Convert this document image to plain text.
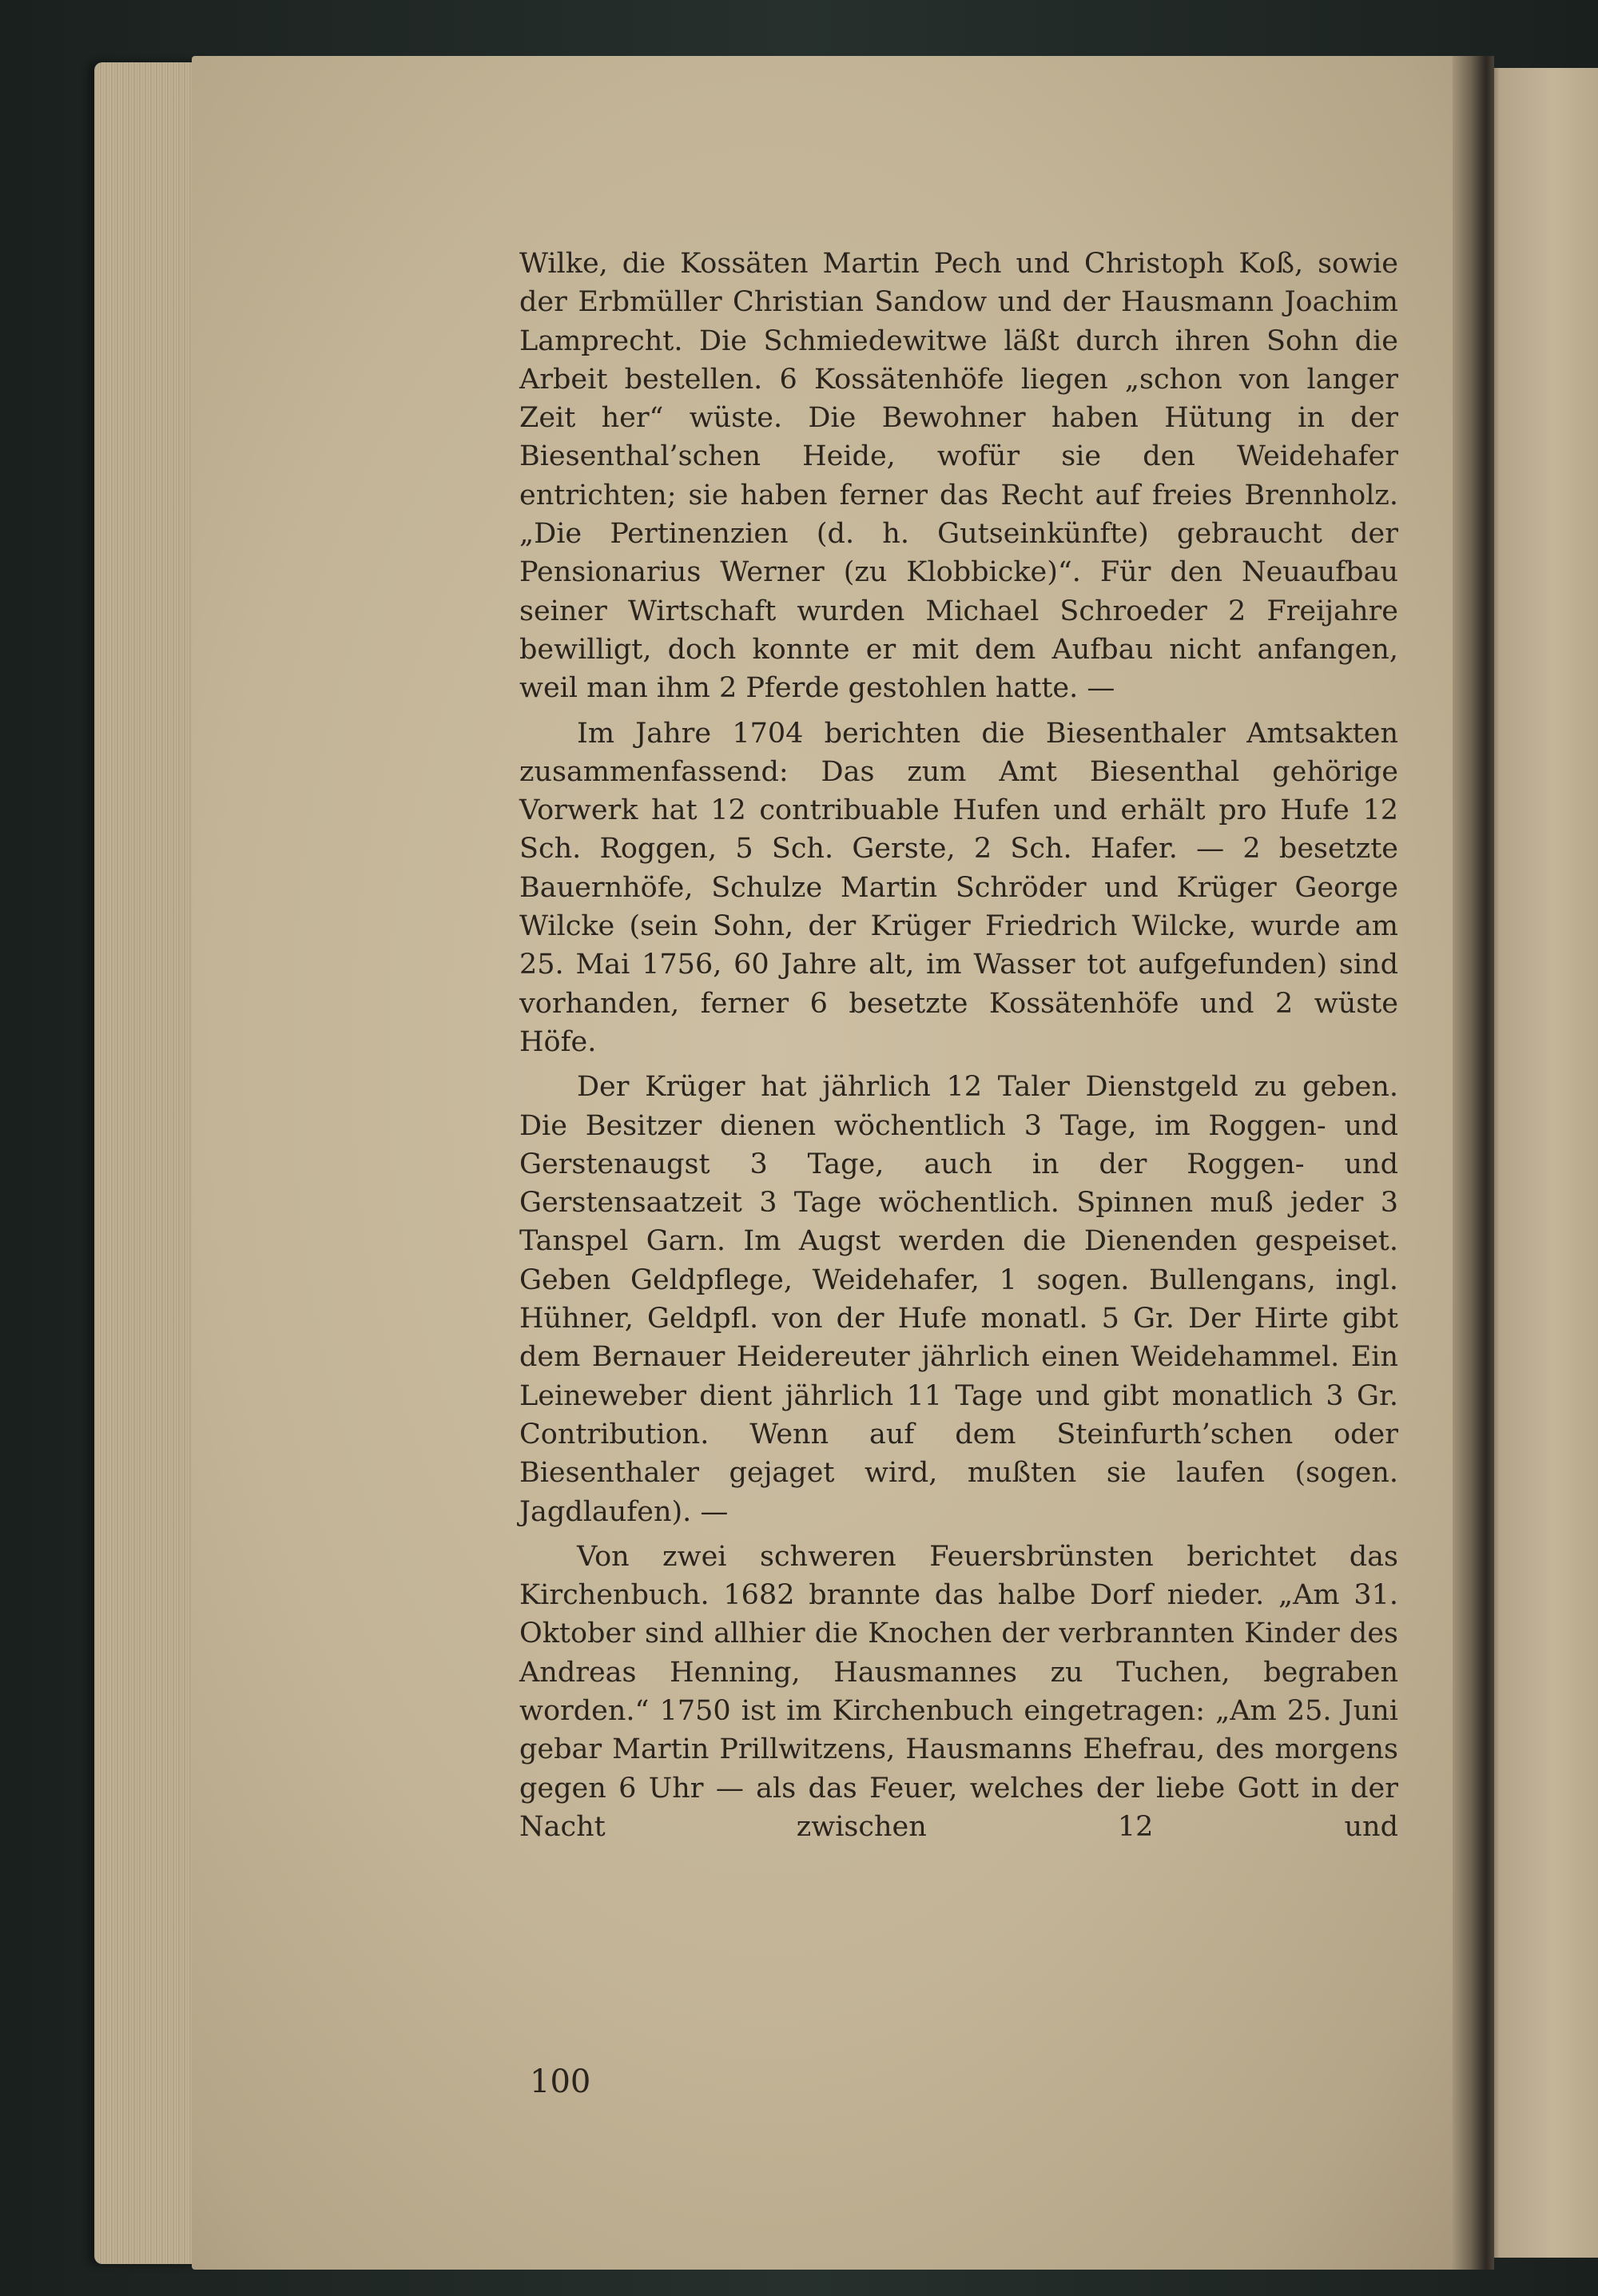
Wilke, die Kossäten Martin Pech und Christoph Koß, sowie der Erbmüller Christian Sandow und der Hausmann Joachim Lamprecht. Die Schmiedewitwe läßt durch ihren Sohn die Arbeit bestellen. 6 Kossätenhöfe liegen „schon von langer Zeit her“ wüste. Die Bewohner haben Hütung in der Biesenthal’schen Heide, wofür sie den Weidehafer entrichten; sie haben ferner das Recht auf freies Brennholz. „Die Pertinenzien (d. h. Gutseinkünfte) gebraucht der Pensionarius Werner (zu Klobbicke)“. Für den Neuaufbau seiner Wirtschaft wurden Michael Schroeder 2 Freijahre bewilligt, doch konnte er mit dem Aufbau nicht anfangen, weil man ihm 2 Pferde gestohlen hatte. —

Im Jahre 1704 berichten die Biesenthaler Amtsakten zusammenfassend: Das zum Amt Biesenthal gehörige Vorwerk hat 12 contribuable Hufen und erhält pro Hufe 12 Sch. Roggen, 5 Sch. Gerste, 2 Sch. Hafer. — 2 besetzte Bauernhöfe, Schulze Martin Schröder und Krüger George Wilcke (sein Sohn, der Krüger Friedrich Wilcke, wurde am 25. Mai 1756, 60 Jahre alt, im Wasser tot aufgefunden) sind vorhanden, ferner 6 besetzte Kossätenhöfe und 2 wüste Höfe.

Der Krüger hat jährlich 12 Taler Dienstgeld zu geben. Die Besitzer dienen wöchentlich 3 Tage, im Roggen- und Gerstenaugst 3 Tage, auch in der Roggen- und Gerstensaatzeit 3 Tage wöchentlich. Spinnen muß jeder 3 Tanspel Garn. Im Augst werden die Dienenden gespeiset. Geben Geldpflege, Weidehafer, 1 sogen. Bullengans, ingl. Hühner, Geldpfl. von der Hufe monatl. 5 Gr. Der Hirte gibt dem Bernauer Heidereuter jährlich einen Weidehammel. Ein Leineweber dient jährlich 11 Tage und gibt monatlich 3 Gr. Contribution. Wenn auf dem Steinfurth’schen oder Biesenthaler gejaget wird, mußten sie laufen (sogen. Jagdlaufen). —

Von zwei schweren Feuersbrünsten berichtet das Kirchenbuch. 1682 brannte das halbe Dorf nieder. „Am 31. Oktober sind allhier die Knochen der verbrannten Kinder des Andreas Henning, Hausmannes zu Tuchen, begraben worden.“ 1750 ist im Kirchenbuch eingetragen: „Am 25. Juni gebar Martin Prillwitzens, Hausmanns Ehefrau, des morgens gegen 6 Uhr — als das Feuer, welches der liebe Gott in der Nacht zwischen 12 und

100
